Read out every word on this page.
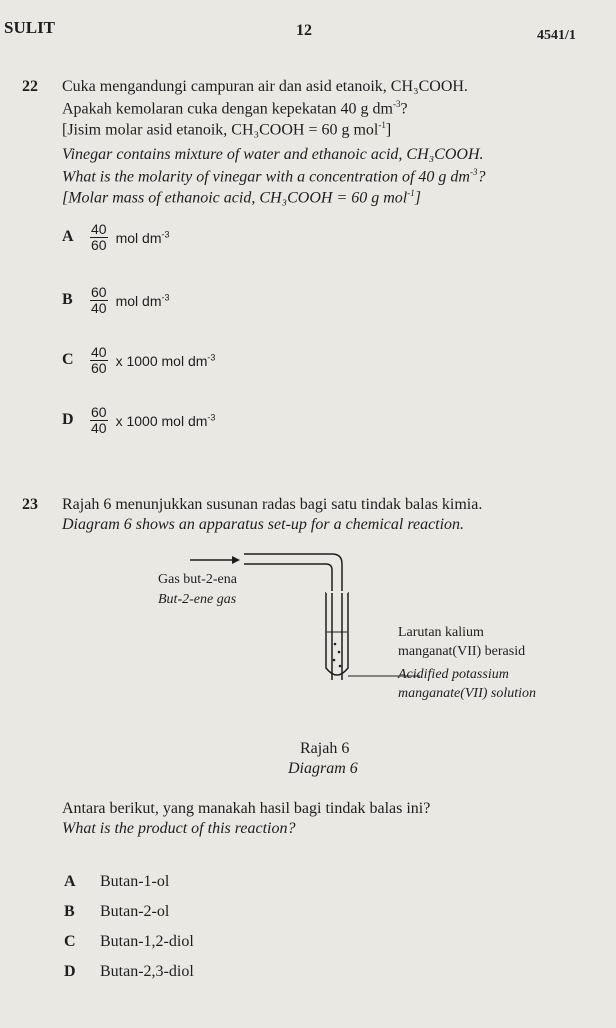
SULIT	12	4541/1
22 Cuka mengandungi campuran air dan asid etanoik, CH₃COOH.
Apakah kemolaran cuka dengan kepekatan 40 g $dm^{-3}$?
[Jisim molar asid etanoik, CH₃COOH = 60 g mol$^{-1}$]
Vinegar contains mixture of water and ethanoic acid, CH₃COOH.
What is the molarity of vinegar with a concentration of 40 g $dm^{-3}$?
[Molar mass of ethanoic acid, CH₃COOH = 60 g mol$^{-1}$]
A $\frac{40}{60}$ mol $dm^{-3}$
B $\frac{60}{40}$ mol $dm^{-3}$
C $\frac{40}{60}$ x 1000 mol $dm^{-3}$
D $\frac{60}{40}$ x 1000 mol $dm^{-3}$
23 Rajah 6 menunjukkan susunan radas bagi satu tindak balas kimia.
Diagram 6 shows an apparatus set-up for a chemical reaction.
Gas but-2-ena
But-2-ene gas
Larutan kalium
manganat(VII) berasid
Acidified potassium
manganate(VII) solution
Rajah 6
Diagram 6
Antara berikut, yang manakah hasil bagi tindak balas ini?
What is the product of this reaction?
A Butan-1-ol
B Butan-2-ol
C Butan-1,2-diol
D Butan-2,3-diol
